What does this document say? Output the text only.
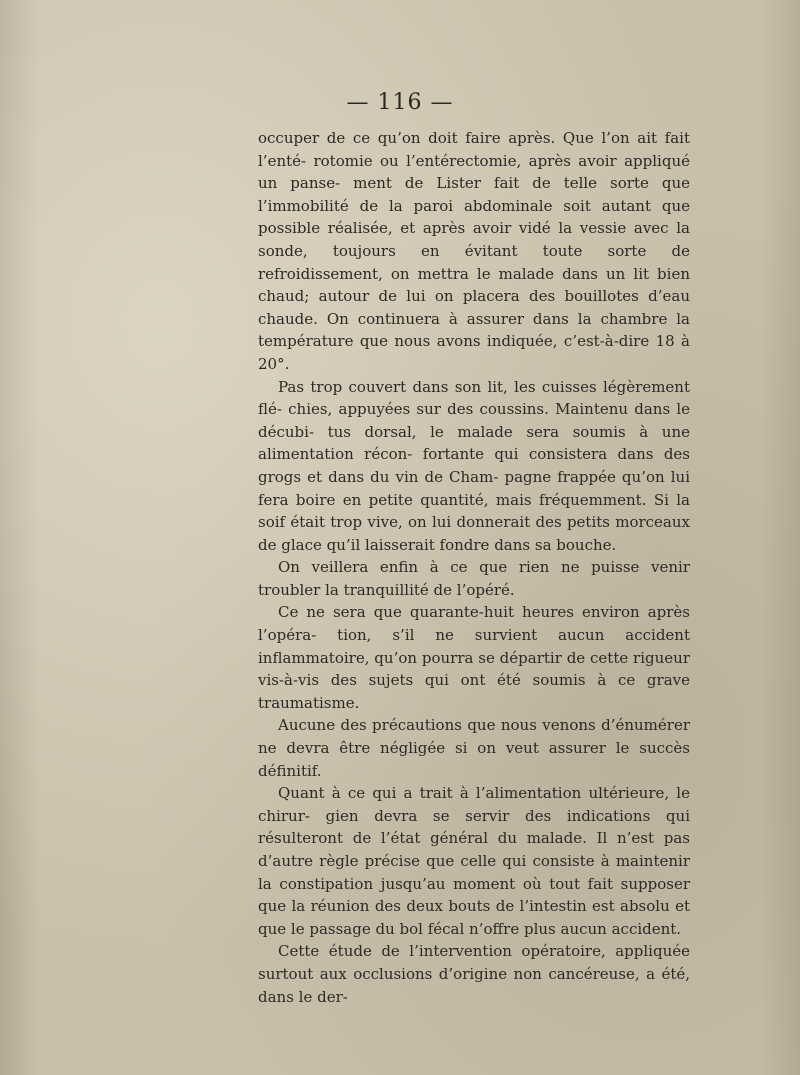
— 116 —

occuper de ce qu’on doit faire après. Que l’on ait fait l’enté- rotomie ou l’entérectomie, après avoir appliqué un panse- ment de Lister fait de telle sorte que l’immobilité de la paroi abdominale soit autant que possible réalisée, et après avoir vidé la vessie avec la sonde, toujours en évitant toute sorte de refroidissement, on mettra le malade dans un lit bien chaud; autour de lui on placera des bouillotes d’eau chaude. On continuera à assurer dans la chambre la température que nous avons indiquée, c’est-à-dire 18 à 20°.

Pas trop couvert dans son lit, les cuisses légèrement flé- chies, appuyées sur des coussins. Maintenu dans le décubi- tus dorsal, le malade sera soumis à une alimentation récon- fortante qui consistera dans des grogs et dans du vin de Cham- pagne frappée qu’on lui fera boire en petite quantité, mais fréquemment. Si la soif était trop vive, on lui donnerait des petits morceaux de glace qu’il laisserait fondre dans sa bouche.

On veillera enfin à ce que rien ne puisse venir troubler la tranquillité de l’opéré.

Ce ne sera que quarante-huit heures environ après l’opéra- tion, s’il ne survient aucun accident inflammatoire, qu’on pourra se départir de cette rigueur vis-à-vis des sujets qui ont été soumis à ce grave traumatisme.

Aucune des précautions que nous venons d’énumérer ne devra être négligée si on veut assurer le succès définitif.

Quant à ce qui a trait à l’alimentation ultérieure, le chirur- gien devra se servir des indications qui résulteront de l’état général du malade. Il n’est pas d’autre règle précise que celle qui consiste à maintenir la constipation jusqu’au moment où tout fait supposer que la réunion des deux bouts de l’intestin est absolu et que le passage du bol fécal n’offre plus aucun accident.

Cette étude de l’intervention opératoire, appliquée surtout aux occlusions d’origine non cancéreuse, a été, dans le der-
